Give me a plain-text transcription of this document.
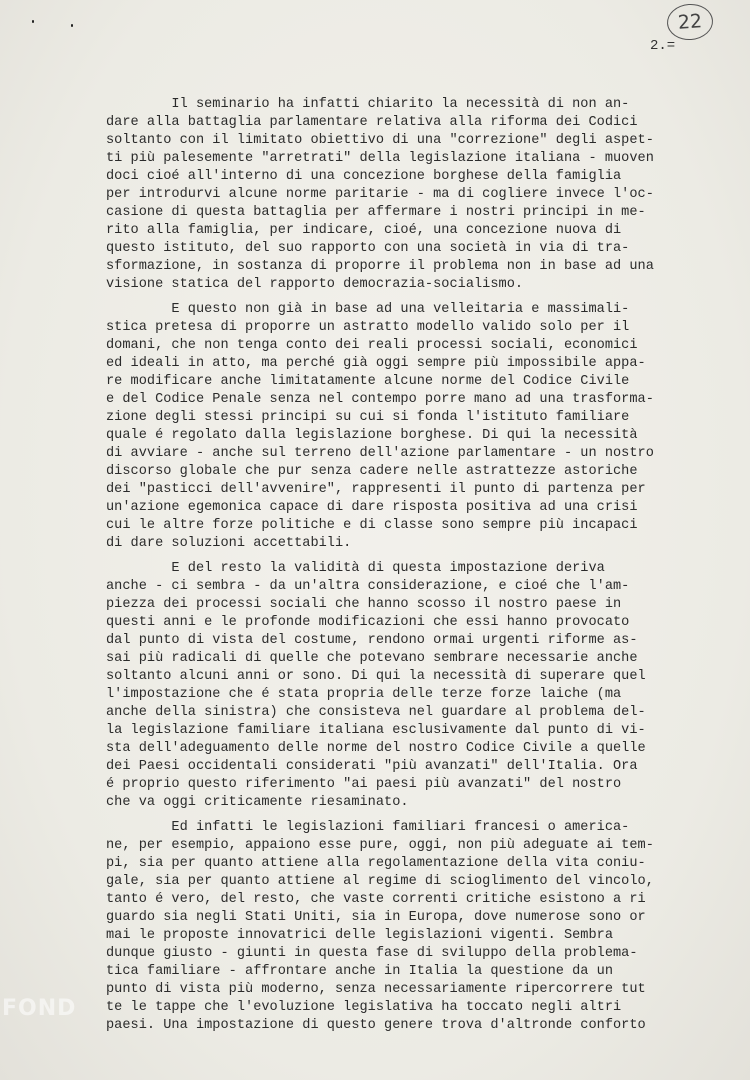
22
2.=
Il seminario ha infatti chiarito la necessità di non an-
dare alla battaglia parlamentare relativa alla riforma dei Codici
soltanto con il limitato obiettivo di una "correzione" degli aspet-
ti più palesemente "arretrati" della legislazione italiana - muoven
doci cioé all'interno di una concezione borghese della famiglia
per introdurvi alcune norme paritarie - ma di cogliere invece l'oc-
casione di questa battaglia per affermare i nostri principi in me-
rito alla famiglia, per indicare, cioé, una concezione nuova di
questo istituto, del suo rapporto con una società in via di tra-
sformazione, in sostanza di proporre il problema non in base ad una
visione statica del rapporto democrazia-socialismo.
E questo non già in base ad una velleitaria e massimali-
stica pretesa di proporre un astratto modello valido solo per il
domani, che non tenga conto dei reali processi sociali, economici
ed ideali in atto, ma perché già oggi sempre più impossibile appa-
re modificare anche limitatamente alcune norme del Codice Civile
e del Codice Penale senza nel contempo porre mano ad una trasforma-
zione degli stessi principi su cui si fonda l'istituto familiare
quale é regolato dalla legislazione borghese. Di qui la necessità
di avviare - anche sul terreno dell'azione parlamentare - un nostro
discorso globale che pur senza cadere nelle astrattezze astoriche
dei "pasticci dell'avvenire", rappresenti il punto di partenza per
un'azione egemonica capace di dare risposta positiva ad una crisi
cui le altre forze politiche e di classe sono sempre più incapaci
di dare soluzioni accettabili.
E del resto la validità di questa impostazione deriva
anche - ci sembra - da un'altra considerazione, e cioé che l'am-
piezza dei processi sociali che hanno scosso il nostro paese in
questi anni e le profonde modificazioni che essi hanno provocato
dal punto di vista del costume, rendono ormai urgenti riforme as-
sai più radicali di quelle che potevano sembrare necessarie anche
soltanto alcuni anni or sono. Di qui la necessità di superare quel
l'impostazione che é stata propria delle terze forze laiche (ma
anche della sinistra) che consisteva nel guardare al problema del-
la legislazione familiare italiana esclusivamente dal punto di vi-
sta dell'adeguamento delle norme del nostro Codice Civile a quelle
dei Paesi occidentali considerati "più avanzati" dell'Italia. Ora
é proprio questo riferimento "ai paesi più avanzati" del nostro
che va oggi criticamente riesaminato.
Ed infatti le legislazioni familiari francesi o america-
ne, per esempio, appaiono esse pure, oggi, non più adeguate ai tem-
pi, sia per quanto attiene alla regolamentazione della vita coniu-
gale, sia per quanto attiene al regime di scioglimento del vincolo,
tanto é vero, del resto, che vaste correnti critiche esistono a ri
guardo sia negli Stati Uniti, sia in Europa, dove numerose sono or
mai le proposte innovatrici delle legislazioni vigenti. Sembra
dunque giusto - giunti in questa fase di sviluppo della problema-
tica familiare - affrontare anche in Italia la questione da un
punto di vista più moderno, senza necessariamente ripercorrere tut
te le tappe che l'evoluzione legislativa ha toccato negli altri
paesi. Una impostazione di questo genere trova d'altronde conforto
FOND
